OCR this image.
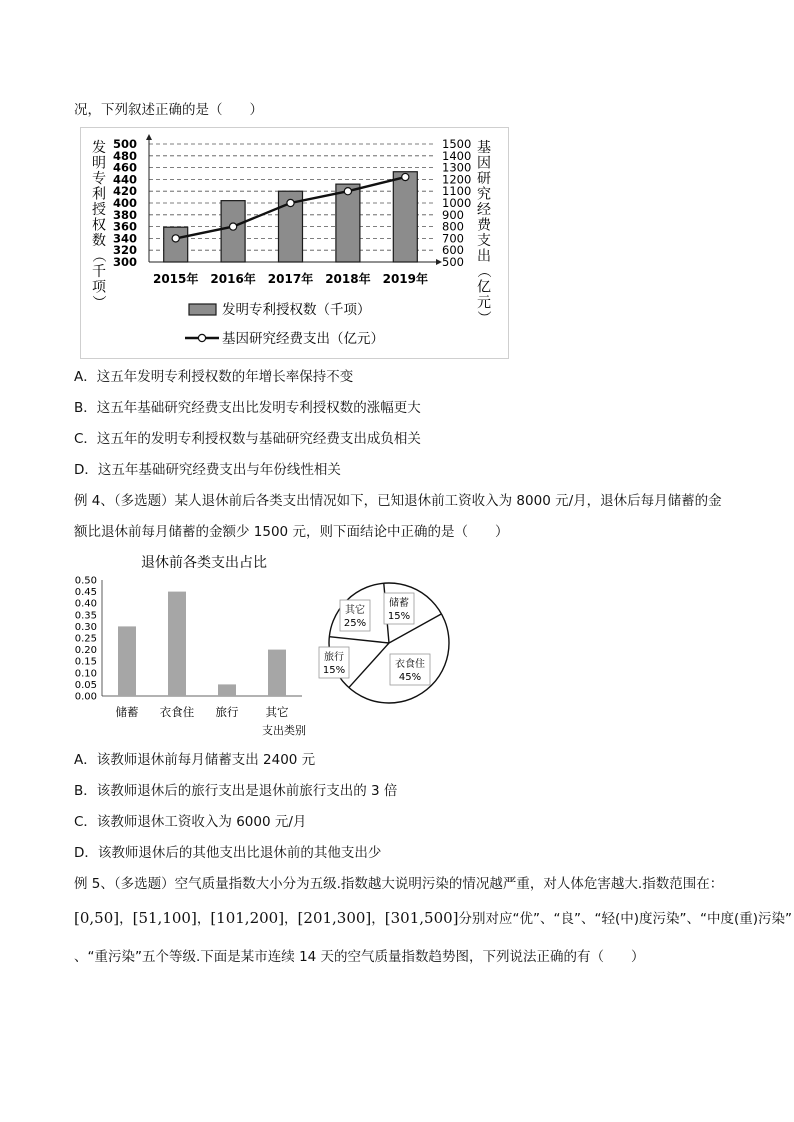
况，下列叙述正确的是（　　）
300
320
340
360
380
400
420
440
460
480
500
500
600
700
800
900
1000
1100
1200
1300
1400
1500
2015年 2016年 2017年 2018年 2019年
发
明
专
利
授
权
数
（
千
项
）
基
因
研
究
经
费
支
出
（
亿
元
）
发明专利授权数（千项）
基因研究经费支出（亿元）
A．这五年发明专利授权数的年增长率保持不变
B．这五年基础研究经费支出比发明专利授权数的涨幅更大
C．这五年的发明专利授权数与基础研究经费支出成负相关
D．这五年基础研究经费支出与年份线性相关
例 4、（多选题）某人退休前后各类支出情况如下，已知退休前工资收入为 8000 元/月，退休后每月储蓄的金
额比退休前每月储蓄的金额少 1500 元，则下面结论中正确的是（　　）
退休前各类支出占比
0.00
0.05
0.10
0.15
0.20
0.25
0.30
0.35
0.40
0.45
0.50
储蓄 衣食住 旅行 其它
支出类别
储蓄
15%
衣食住
45%
旅行
15%
其它
25%
A．该教师退休前每月储蓄支出 2400 元
B．该教师退休后的旅行支出是退休前旅行支出的 3 倍
C．该教师退休工资收入为 6000 元/月
D．该教师退休后的其他支出比退休前的其他支出少
例 5、（多选题）空气质量指数大小分为五级.指数越大说明污染的情况越严重，对人体危害越大.指数范围在：
[0,50]，[51,100]，[101,200]，[201,300]，[301,500]分别对应“优”、“良”、“轻(中)度污染”、“中度(重)污染”
、“重污染”五个等级.下面是某市连续 14 天的空气质量指数趋势图，下列说法正确的有（　　）
